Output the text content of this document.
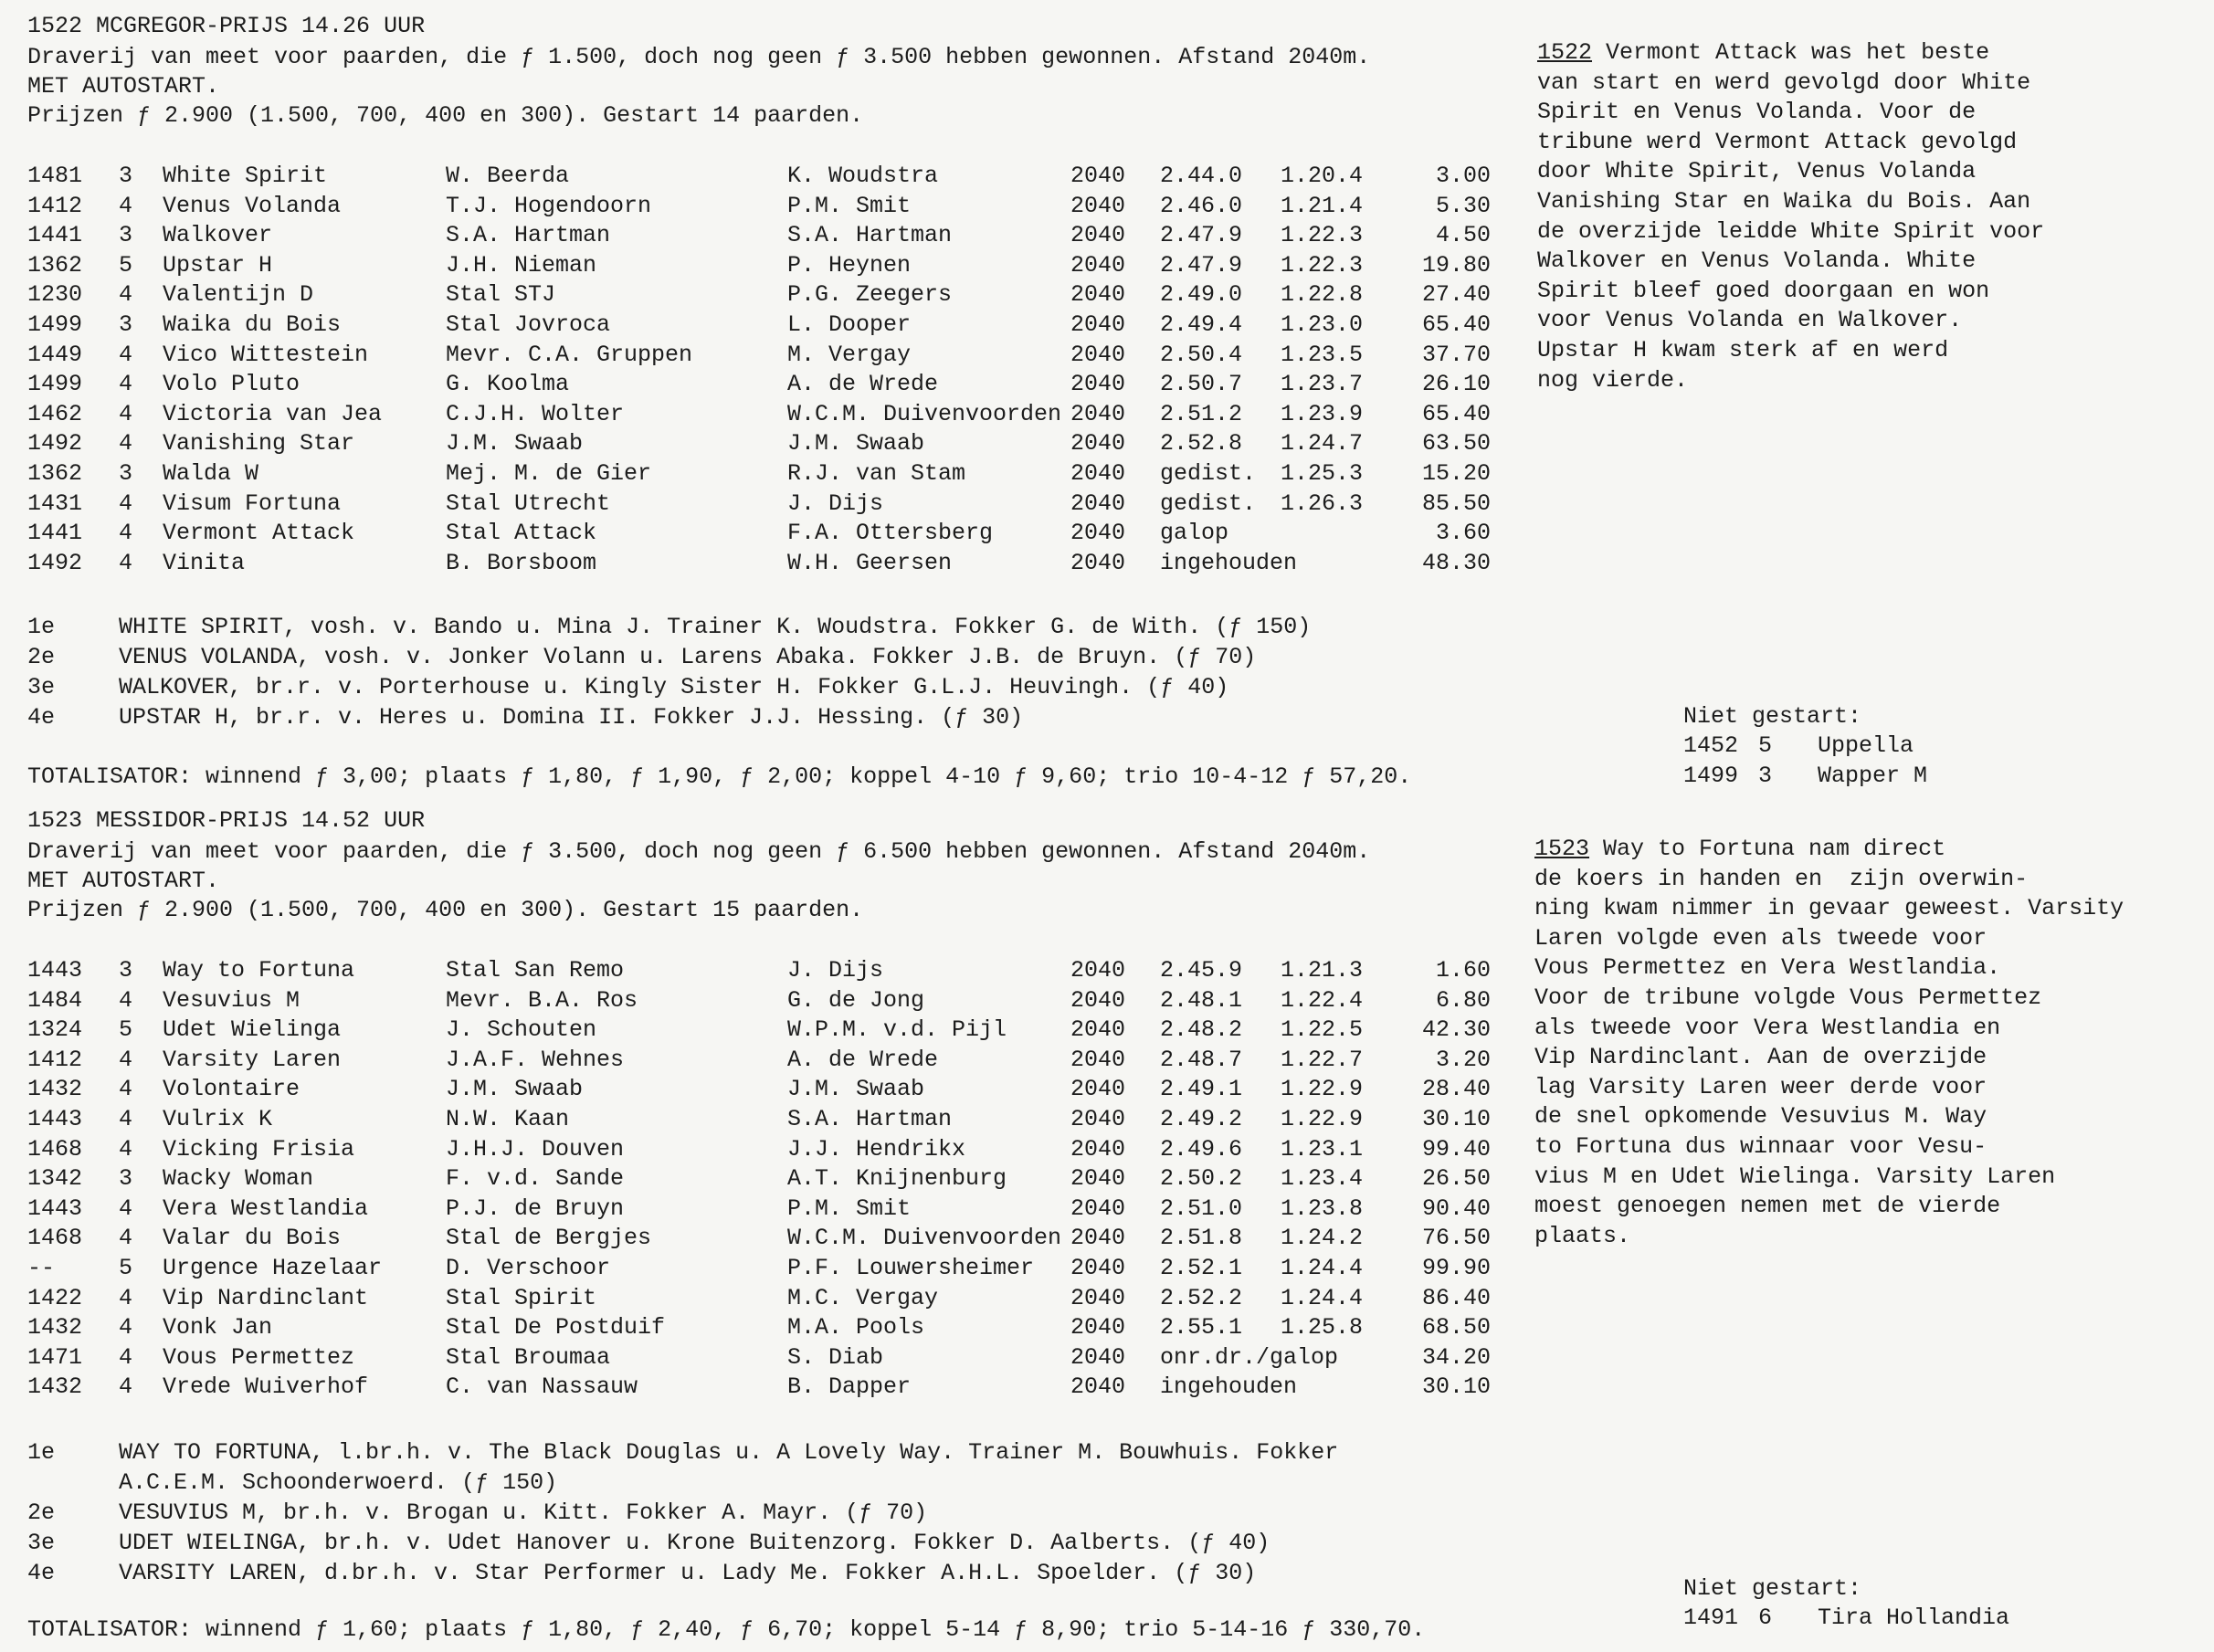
1522 MCGREGOR-PRIJS 14.26 UUR
Draverij van meet voor paarden, die ƒ 1.500, doch nog geen ƒ 3.500 hebben gewonnen. Afstand 2040m.
MET AUTOSTART.
Prijzen ƒ 2.900 (1.500, 700, 400 en 300). Gestart 14 paarden.
1481 3 White Spirit	W. Beerda	K. Woudstra	2040 2.44.0 1.20.4	3.00
1412 4 Venus Volanda	T.J. Hogendoorn	P.M. Smit	2040 2.46.0 1.21.4	5.30
1441 3 Walkover	S.A. Hartman	S.A. Hartman	2040 2.47.9 1.22.3	4.50
1362 5 Upstar H	J.H. Nieman	P. Heynen	2040 2.47.9 1.22.3	19.80
1230 4 Valentijn D	Stal STJ	P.G. Zeegers	2040 2.49.0 1.22.8	27.40
1499 3 Waika du Bois	Stal Jovroca	L. Dooper	2040 2.49.4 1.23.0	65.40
1449 4 Vico Wittestein	Mevr. C.A. Gruppen	M. Vergay	2040 2.50.4 1.23.5	37.70
1499 4 Volo Pluto	G. Koolma	A. de Wrede	2040 2.50.7 1.23.7	26.10
1462 4 Victoria van Jea	C.J.H. Wolter	W.C.M. Duivenvoorden 2040 2.51.2 1.23.9	65.40
1492 4 Vanishing Star	J.M. Swaab	J.M. Swaab	2040 2.52.8 1.24.7	63.50
1362 3 Walda W	Mej. M. de Gier	R.J. van Stam	2040 gedist. 1.25.3	15.20
1431 4 Visum Fortuna	Stal Utrecht	J. Dijs	2040 gedist. 1.26.3	85.50
1441 4 Vermont Attack	Stal Attack	F.A. Ottersberg	2040 galop	3.60
1492 4 Vinita	B. Borsboom	W.H. Geersen	2040 ingehouden	48.30
1e	WHITE SPIRIT, vosh. v. Bando u. Mina J. Trainer K. Woudstra. Fokker G. de With. (ƒ 150)
2e	VENUS VOLANDA, vosh. v. Jonker Volann u. Larens Abaka. Fokker J.B. de Bruyn. (ƒ 70)
3e	WALKOVER, br.r. v. Porterhouse u. Kingly Sister H. Fokker G.L.J. Heuvingh. (ƒ 40)
4e	UPSTAR H, br.r. v. Heres u. Domina II. Fokker J.J. Hessing. (ƒ 30)
TOTALISATOR: winnend ƒ 3,00; plaats ƒ 1,80, ƒ 1,90, ƒ 2,00; koppel 4-10 ƒ 9,60; trio 10-4-12 ƒ 57,20.
Niet gestart:
1452 5 Uppella
1499 3 Wapper M
1522 Vermont Attack was het beste
van start en werd gevolgd door White
Spirit en Venus Volanda. Voor de
tribune werd Vermont Attack gevolgd
door White Spirit, Venus Volanda
Vanishing Star en Waika du Bois. Aan
de overzijde leidde White Spirit voor
Walkover en Venus Volanda. White
Spirit bleef goed doorgaan en won
voor Venus Volanda en Walkover.
Upstar H kwam sterk af en werd
nog vierde.
1523 MESSIDOR-PRIJS 14.52 UUR
Draverij van meet voor paarden, die ƒ 3.500, doch nog geen ƒ 6.500 hebben gewonnen. Afstand 2040m.
MET AUTOSTART.
Prijzen ƒ 2.900 (1.500, 700, 400 en 300). Gestart 15 paarden.
1443 3 Way to Fortuna	Stal San Remo	J. Dijs	2040 2.45.9 1.21.3	1.60
1484 4 Vesuvius M	Mevr. B.A. Ros	G. de Jong	2040 2.48.1 1.22.4	6.80
1324 5 Udet Wielinga	J. Schouten	W.P.M. v.d. Pijl	2040 2.48.2 1.22.5	42.30
1412 4 Varsity Laren	J.A.F. Wehnes	A. de Wrede	2040 2.48.7 1.22.7	3.20
1432 4 Volontaire	J.M. Swaab	J.M. Swaab	2040 2.49.1 1.22.9	28.40
1443 4 Vulrix K	N.W. Kaan	S.A. Hartman	2040 2.49.2 1.22.9	30.10
1468 4 Vicking Frisia	J.H.J. Douven	J.J. Hendrikx	2040 2.49.6 1.23.1	99.40
1342 3 Wacky Woman	F. v.d. Sande	A.T. Knijnenburg	2040 2.50.2 1.23.4	26.50
1443 4 Vera Westlandia	P.J. de Bruyn	P.M. Smit	2040 2.51.0 1.23.8	90.40
1468 4 Valar du Bois	Stal de Bergjes	W.C.M. Duivenvoorden 2040 2.51.8 1.24.2	76.50
--	5 Urgence Hazelaar	D. Verschoor	P.F. Louwersheimer 2040 2.52.1 1.24.4	99.90
1422 4 Vip Nardinclant	Stal Spirit	M.C. Vergay	2040 2.52.2 1.24.4	86.40
1432 4 Vonk Jan	Stal De Postduif	M.A. Pools	2040 2.55.1 1.25.8	68.50
1471 4 Vous Permettez	Stal Broumaa	S. Diab	2040 onr.dr./galop	34.20
1432 4 Vrede Wuiverhof	C. van Nassauw	B. Dapper	2040 ingehouden	30.10
1e	WAY TO FORTUNA, l.br.h. v. The Black Douglas u. A Lovely Way. Trainer M. Bouwhuis. Fokker
A.C.E.M. Schoonderwoerd. (ƒ 150)
2e	VESUVIUS M, br.h. v. Brogan u. Kitt. Fokker A. Mayr. (ƒ 70)
3e	UDET WIELINGA, br.h. v. Udet Hanover u. Krone Buitenzorg. Fokker D. Aalberts. (ƒ 40)
4e	VARSITY LAREN, d.br.h. v. Star Performer u. Lady Me. Fokker A.H.L. Spoelder. (ƒ 30)
TOTALISATOR: winnend ƒ 1,60; plaats ƒ 1,80, ƒ 2,40, ƒ 6,70; koppel 5-14 ƒ 8,90; trio 5-14-16 ƒ 330,70.
Niet gestart:
1491 6 Tira Hollandia
1523 Way to Fortuna nam direct
de koers in handen en  zijn overwin-
ning kwam nimmer in gevaar geweest. Varsity
Laren volgde even als tweede voor
Vous Permettez en Vera Westlandia.
Voor de tribune volgde Vous Permettez
als tweede voor Vera Westlandia en
Vip Nardinclant. Aan de overzijde
lag Varsity Laren weer derde voor
de snel opkomende Vesuvius M. Way
to Fortuna dus winnaar voor Vesu-
vius M en Udet Wielinga. Varsity Laren
moest genoegen nemen met de vierde
plaats.
